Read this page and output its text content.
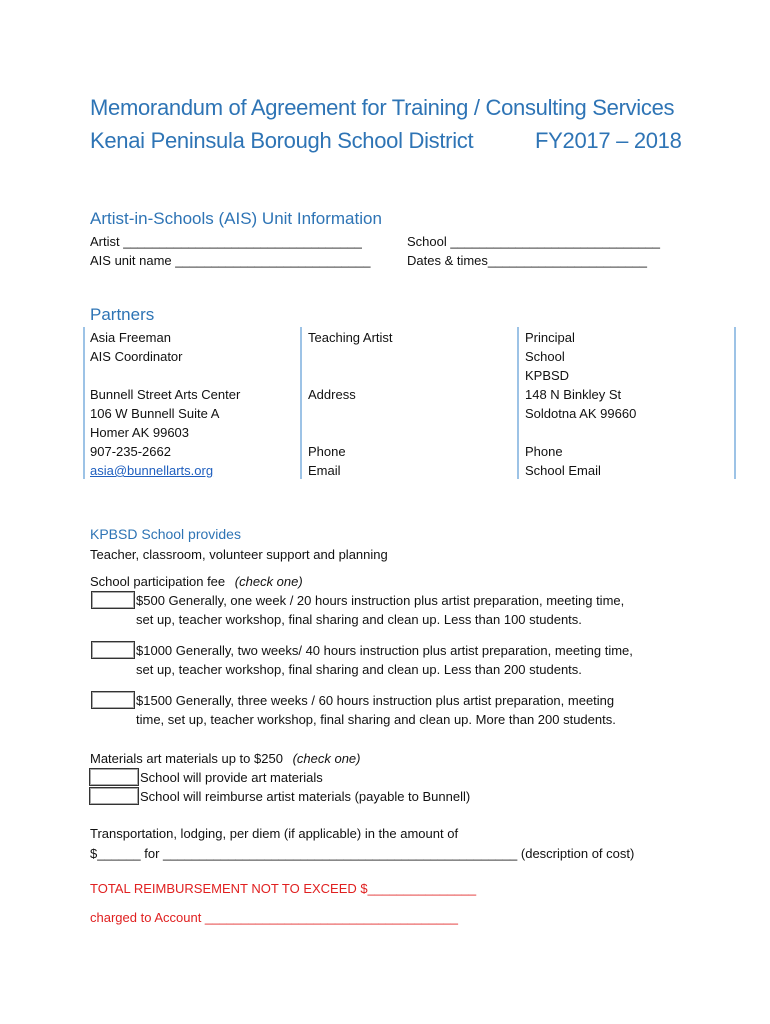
Memorandum of Agreement for Training / Consulting Services
Kenai Peninsula Borough School District	FY2017 – 2018
Artist-in-Schools (AIS) Unit Information
Artist _________________________________
AIS unit name ___________________________
School _____________________________
Dates & times______________________
Partners
Asia Freeman
AIS Coordinator
Bunnell Street Arts Center
106 W Bunnell Suite A
Homer AK 99603
907-235-2662
asia@bunnellarts.org
Teaching Artist
Address
Phone
Email
Principal
School
KPBSD
148 N Binkley St
Soldotna AK 99660
Phone
School Email
KPBSD School provides
Teacher, classroom, volunteer support and planning
School participation fee (check one)
$500 Generally, one week / 20 hours instruction plus artist preparation, meeting time,
set up, teacher workshop, final sharing and clean up. Less than 100 students.
$1000 Generally, two weeks/ 40 hours instruction plus artist preparation, meeting time,
set up, teacher workshop, final sharing and clean up. Less than 200 students.
$1500 Generally, three weeks / 60 hours instruction plus artist preparation, meeting
time, set up, teacher workshop, final sharing and clean up. More than 200 students.
Materials art materials up to $250 (check one)
School will provide art materials
School will reimburse artist materials (payable to Bunnell)
Transportation, lodging, per diem (if applicable) in the amount of
$______ for _________________________________________________ (description of cost)
TOTAL REIMBURSEMENT NOT TO EXCEED $_______________
charged to Account ___________________________________
